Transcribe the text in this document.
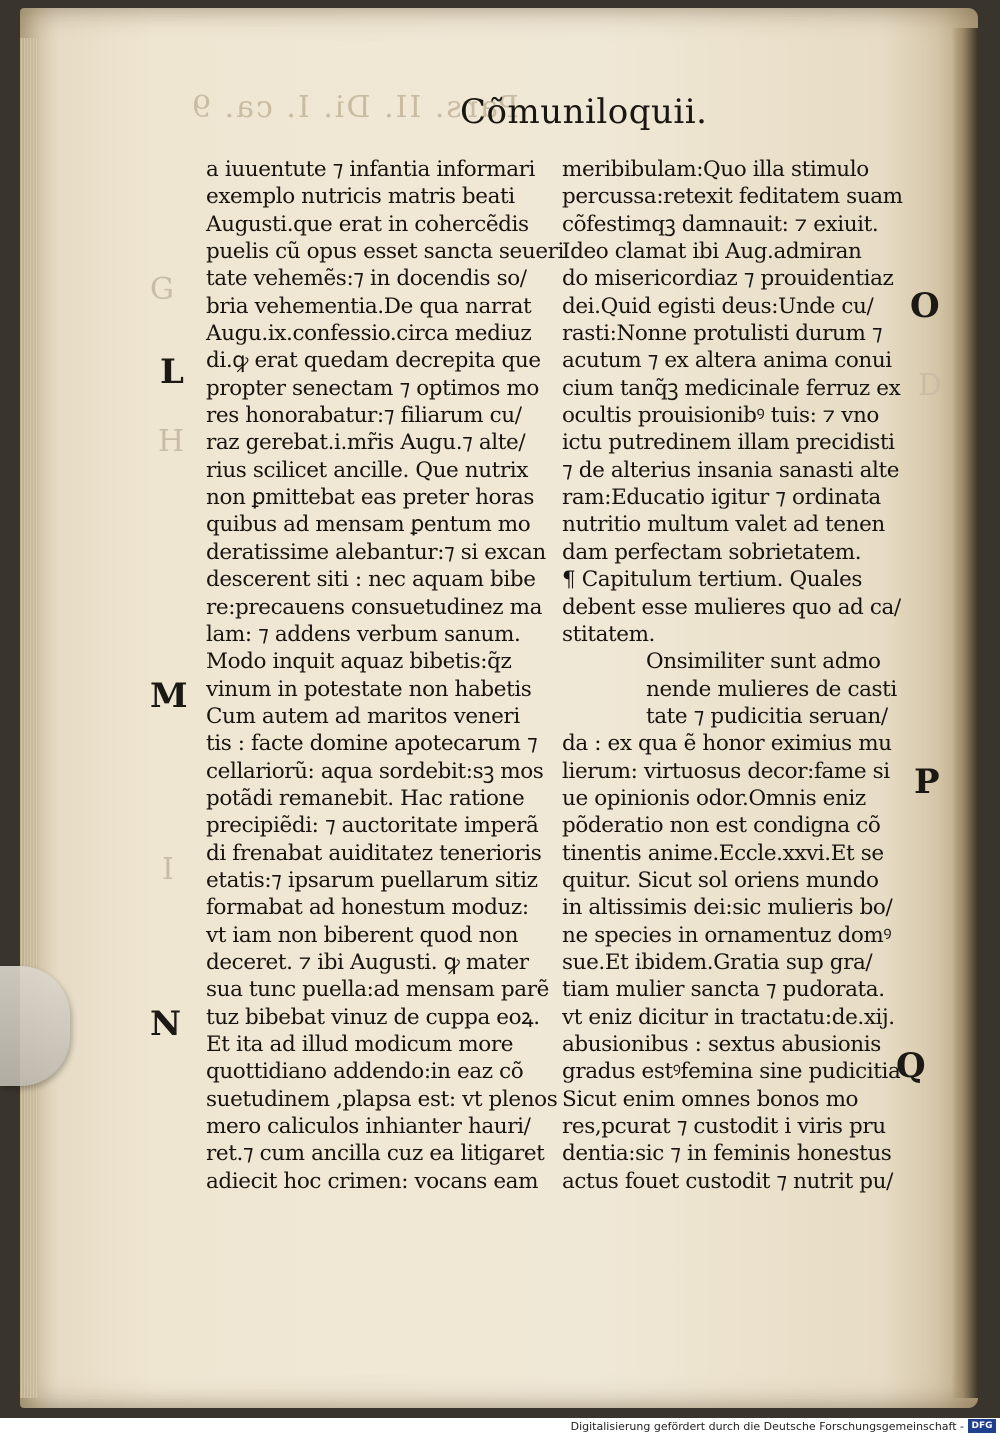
Pars. II. Di. I. ca. 9
Cõmuniloquii.
G
H
I
D
L
M
N
O
P
Q
a iuuentute ⁊ infantia informari
exemplo nutricis matris beati
Augusti.que erat in cohercẽdis
puelis cũ opus esset sancta seueri
tate vehemẽs:⁊ in docendis so/
bria vehementia.De qua narrat
Augu.ix.confessio.circa mediuz
di.ꝙ erat quedam decrepita que
propter senectam ⁊ optimos mo
res honorabatur:⁊ filiarum cu/
raz gerebat.i.mr̃is Augu.⁊ alte/
rius scilicet ancille. Que nutrix
non ꝑmittebat eas preter horas
quibus ad mensam ꝑentum mo
deratissime alebantur:⁊ si excan
descerent siti : nec aquam bibe
re:precauens consuetudinez ma
lam: ⁊ addens verbum sanum.
Modo inquit aquaz bibetis:q̃z
vinum in potestate non habetis
Cum autem ad maritos veneri
tis : facte domine apotecarum ⁊
cellariorũ: aqua sordebit:sꝫ mos
potãdi remanebit. Hac ratione
precipiẽdi: ⁊ auctoritate imperã
di frenabat auiditatez tenerioris
etatis:⁊ ipsarum puellarum sitiz
formabat ad honestum moduz:
vt iam non biberent quod non
deceret. ⁊ ibi Augusti. ꝙ mater
sua tunc puella:ad mensam parẽ
tuz bibebat vinuz de cuppa eoꝝ.
Et ita ad illud modicum more
quottidiano addendo:in eaz cõ
suetudinem ,plapsa est: vt plenos
mero caliculos inhianter hauri/
ret.⁊ cum ancilla cuz ea litigaret
adiecit hoc crimen: vocans eam
meribibulam:Quo illa stimulo
percussa:retexit feditatem suam
cõfestimqꝫ damnauit: ⁊ exiuit.
Ideo clamat ibi Aug.admiran
do misericordiaz ⁊ prouidentiaz
dei.Quid egisti deus:Unde cu/
rasti:Nonne protulisti durum ⁊
acutum ⁊ ex altera anima conui
cium tanq̃ꝫ medicinale ferruz ex
ocultis prouisionibꝰ tuis: ⁊ vno
ictu putredinem illam precidisti
⁊ de alterius insania sanasti alte
ram:Educatio igitur ⁊ ordinata
nutritio multum valet ad tenen
dam perfectam sobrietatem.
¶ Capitulum tertium. Quales
debent esse mulieres quo ad ca/
stitatem.
Onsimiliter sunt admo
nende mulieres de casti
tate ⁊ pudicitia seruan/
da : ex qua ẽ honor eximius mu
lierum: virtuosus decor:fame si
ue opinionis odor.Omnis eniz
põderatio non est condigna cõ
tinentis anime.Eccle.xxvi.Et se
quitur. Sicut sol oriens mundo
in altissimis dei:sic mulieris bo/
ne species in ornamentuz domꝰ
sue.Et ibidem.Gratia sup gra/
tiam mulier sancta ⁊ pudorata.
vt eniz dicitur in tractatu:de.xij.
abusionibus : sextus abusionis
gradus estꝰfemina sine pudicitia
Sicut enim omnes bonos mo
res,pcurat ⁊ custodit i viris pru
dentia:sic ⁊ in feminis honestus
actus fouet custodit ⁊ nutrit pu/
Digitalisierung gefördert durch die Deutsche Forschungsgemeinschaft - DFG
